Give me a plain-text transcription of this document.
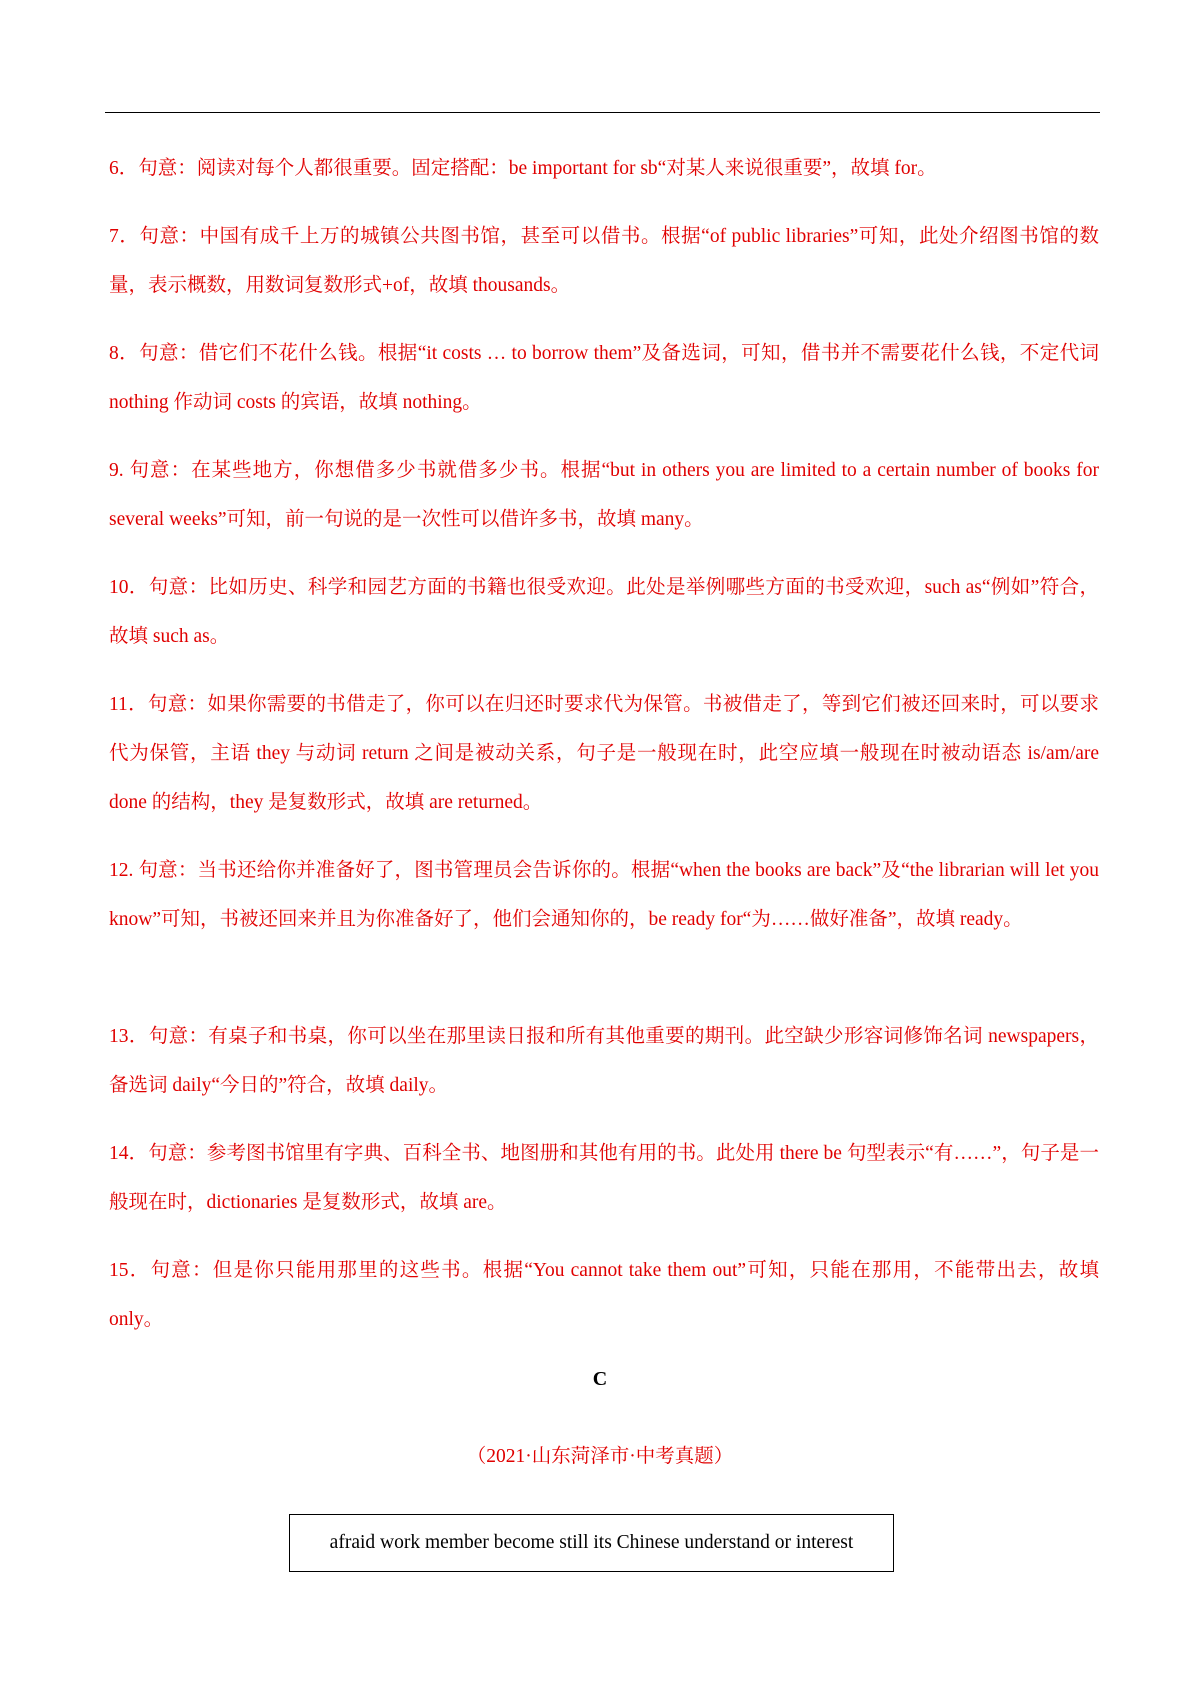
6．句意：阅读对每个人都很重要。固定搭配：be important for sb“对某人来说很重要”，故填 for。
7．句意：中国有成千上万的城镇公共图书馆，甚至可以借书。根据“of public libraries”可知，此处介绍图书馆的数量，表示概数，用数词复数形式+of，故填 thousands。
8．句意：借它们不花什么钱。根据“it costs … to borrow them”及备选词，可知，借书并不需要花什么钱，不定代词 nothing 作动词 costs 的宾语，故填 nothing。
9. 句意：在某些地方，你想借多少书就借多少书。根据“but in others you are limited to a certain number of books for several weeks”可知，前一句说的是一次性可以借许多书，故填 many。
10．句意：比如历史、科学和园艺方面的书籍也很受欢迎。此处是举例哪些方面的书受欢迎，such as“例如”符合，故填 such as。
11．句意：如果你需要的书借走了，你可以在归还时要求代为保管。书被借走了，等到它们被还回来时，可以要求代为保管，主语 they 与动词 return 之间是被动关系，句子是一般现在时，此空应填一般现在时被动语态 is/am/are done 的结构，they 是复数形式，故填 are returned。
12. 句意：当书还给你并准备好了，图书管理员会告诉你的。根据“when the books are back”及“the librarian will let you know”可知，书被还回来并且为你准备好了，他们会通知你的，be ready for“为……做好准备”，故填 ready。
13．句意：有桌子和书桌，你可以坐在那里读日报和所有其他重要的期刊。此空缺少形容词修饰名词 newspapers，备选词 daily“今日的”符合，故填 daily。
14．句意：参考图书馆里有字典、百科全书、地图册和其他有用的书。此处用 there be 句型表示“有……”，句子是一般现在时，dictionaries 是复数形式，故填 are。
15．句意：但是你只能用那里的这些书。根据“You cannot take them out”可知，只能在那用，不能带出去，故填 only。
C
（2021·山东菏泽市·中考真题）
afraid work member become still its Chinese understand or interest
